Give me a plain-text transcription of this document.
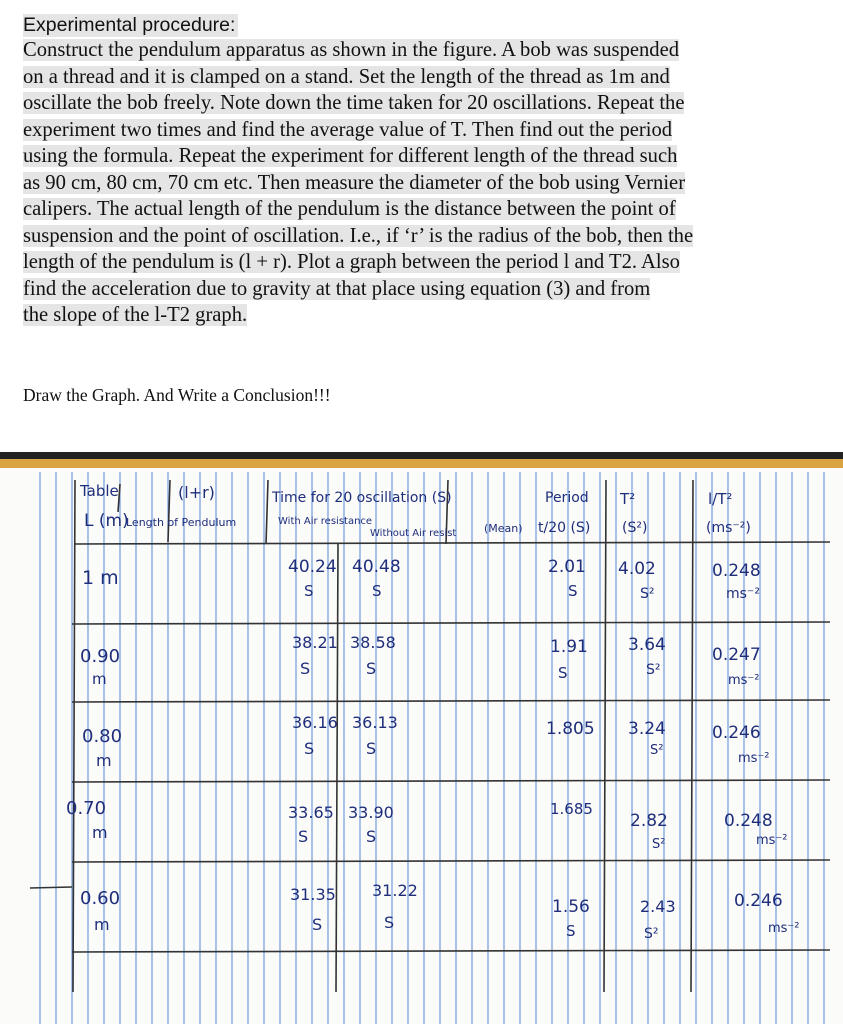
Experimental procedure:
Construct the pendulum apparatus as shown in the figure. A bob was suspended
on a thread and it is clamped on a stand. Set the length of the thread as 1m and
oscillate the bob freely. Note down the time taken for 20 oscillations. Repeat the
experiment two times and find the average value of T. Then find out the period
using the formula. Repeat the experiment for different length of the thread such
as 90 cm, 80 cm, 70 cm etc. Then measure the diameter of the bob using Vernier
calipers. The actual length of the pendulum is the distance between the point of
suspension and the point of oscillation. I.e., if ‘r’ is the radius of the bob, then the
length of the pendulum is (l + r). Plot a graph between the period l and T2. Also
find the acceleration due to gravity at that place using equation (3) and from
the slope of the l-T2 graph.
Draw the Graph. And Write a Conclusion!!!
Table
L (m)
(l+r)
Length of Pendulum
Time for 20 oscillation (S)
With Air resistance
Without Air resist
Period
(Mean) t/20 (S)
T²
(S²)
l/T²
(ms⁻²)
1 m	40.24
S
40.48
S
2.01
S
4.02
S²
0.248
ms⁻²
0.90
m
38.21
S
38.58
S
1.91
S
3.64
S²
0.247
ms⁻²
0.80
m
36.16
S
36.13
S
1.805 3.24
S²
0.246
ms⁻²
0.70
m
33.65
S
33.90
S
1.685
2.82
S²
0.248
ms⁻²
0.60
m
31.35
S
31.22
S
1.56
S
2.43
S²
0.246
ms⁻²
